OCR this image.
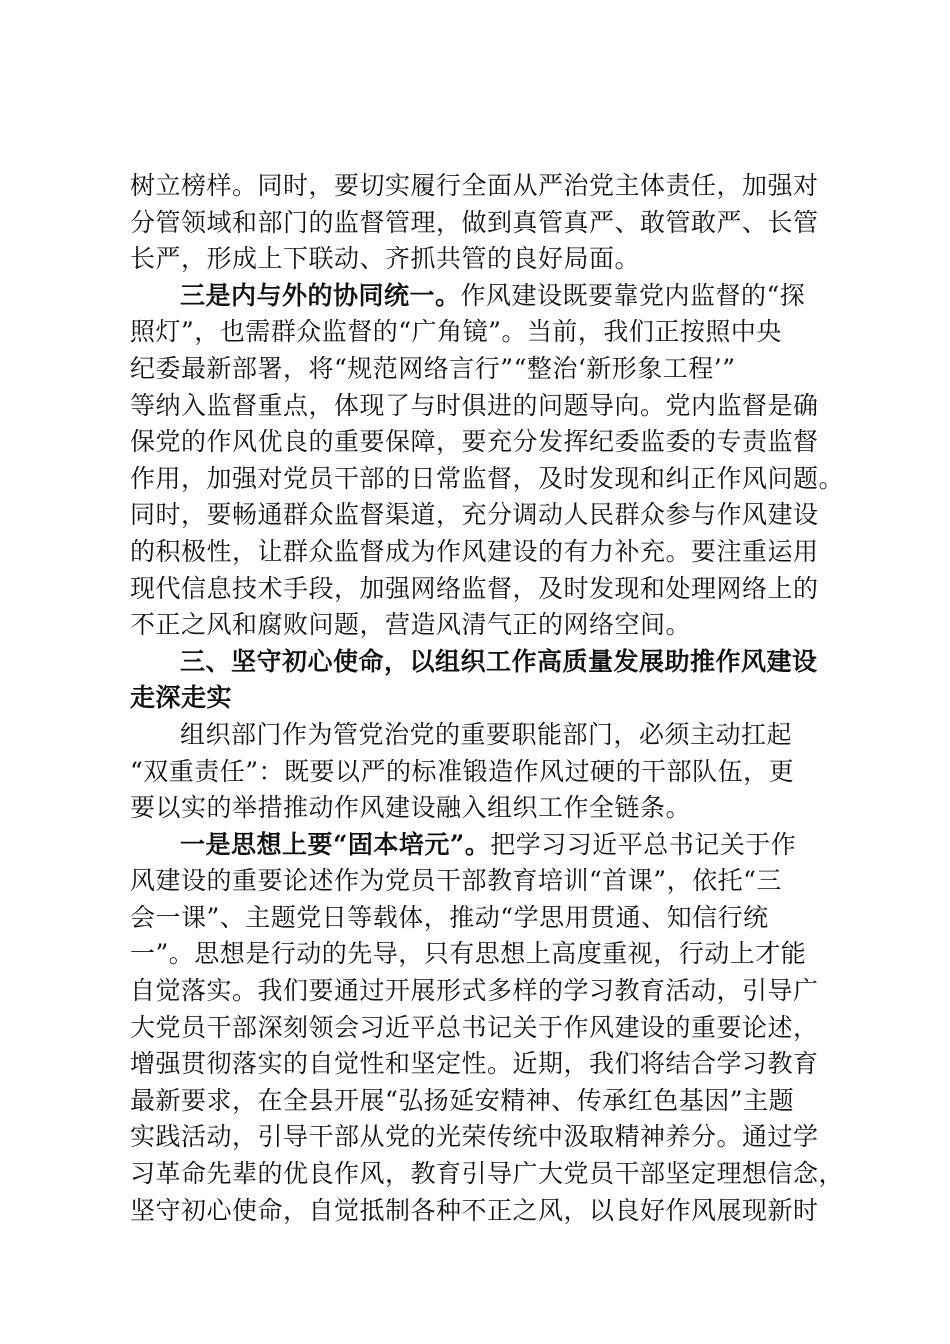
树立榜样。同时，要切实履行全面从严治党主体责任，加强对
分管领域和部门的监督管理，做到真管真严、敢管敢严、长管
长严，形成上下联动、齐抓共管的良好局面。
三是内与外的协同统一。作风建设既要靠党内监督的“探
照灯”，也需群众监督的“广角镜”。当前，我们正按照中央
纪委最新部署，将“规范网络言行”“整治‘新形象工程’”
等纳入监督重点，体现了与时俱进的问题导向。党内监督是确
保党的作风优良的重要保障，要充分发挥纪委监委的专责监督
作用，加强对党员干部的日常监督，及时发现和纠正作风问题。
同时，要畅通群众监督渠道，充分调动人民群众参与作风建设
的积极性，让群众监督成为作风建设的有力补充。要注重运用
现代信息技术手段，加强网络监督，及时发现和处理网络上的
不正之风和腐败问题，营造风清气正的网络空间。
三、坚守初心使命，以组织工作高质量发展助推作风建设
走深走实
组织部门作为管党治党的重要职能部门，必须主动扛起
“双重责任”：既要以严的标准锻造作风过硬的干部队伍，更
要以实的举措推动作风建设融入组织工作全链条。
一是思想上要“固本培元”。把学习习近平总书记关于作
风建设的重要论述作为党员干部教育培训“首课”，依托“三
会一课”、主题党日等载体，推动“学思用贯通、知信行统
一”。思想是行动的先导，只有思想上高度重视，行动上才能
自觉落实。我们要通过开展形式多样的学习教育活动，引导广
大党员干部深刻领会习近平总书记关于作风建设的重要论述，
增强贯彻落实的自觉性和坚定性。近期，我们将结合学习教育
最新要求，在全县开展“弘扬延安精神、传承红色基因”主题
实践活动，引导干部从党的光荣传统中汲取精神养分。通过学
习革命先辈的优良作风，教育引导广大党员干部坚定理想信念，
坚守初心使命，自觉抵制各种不正之风，以良好作风展现新时
